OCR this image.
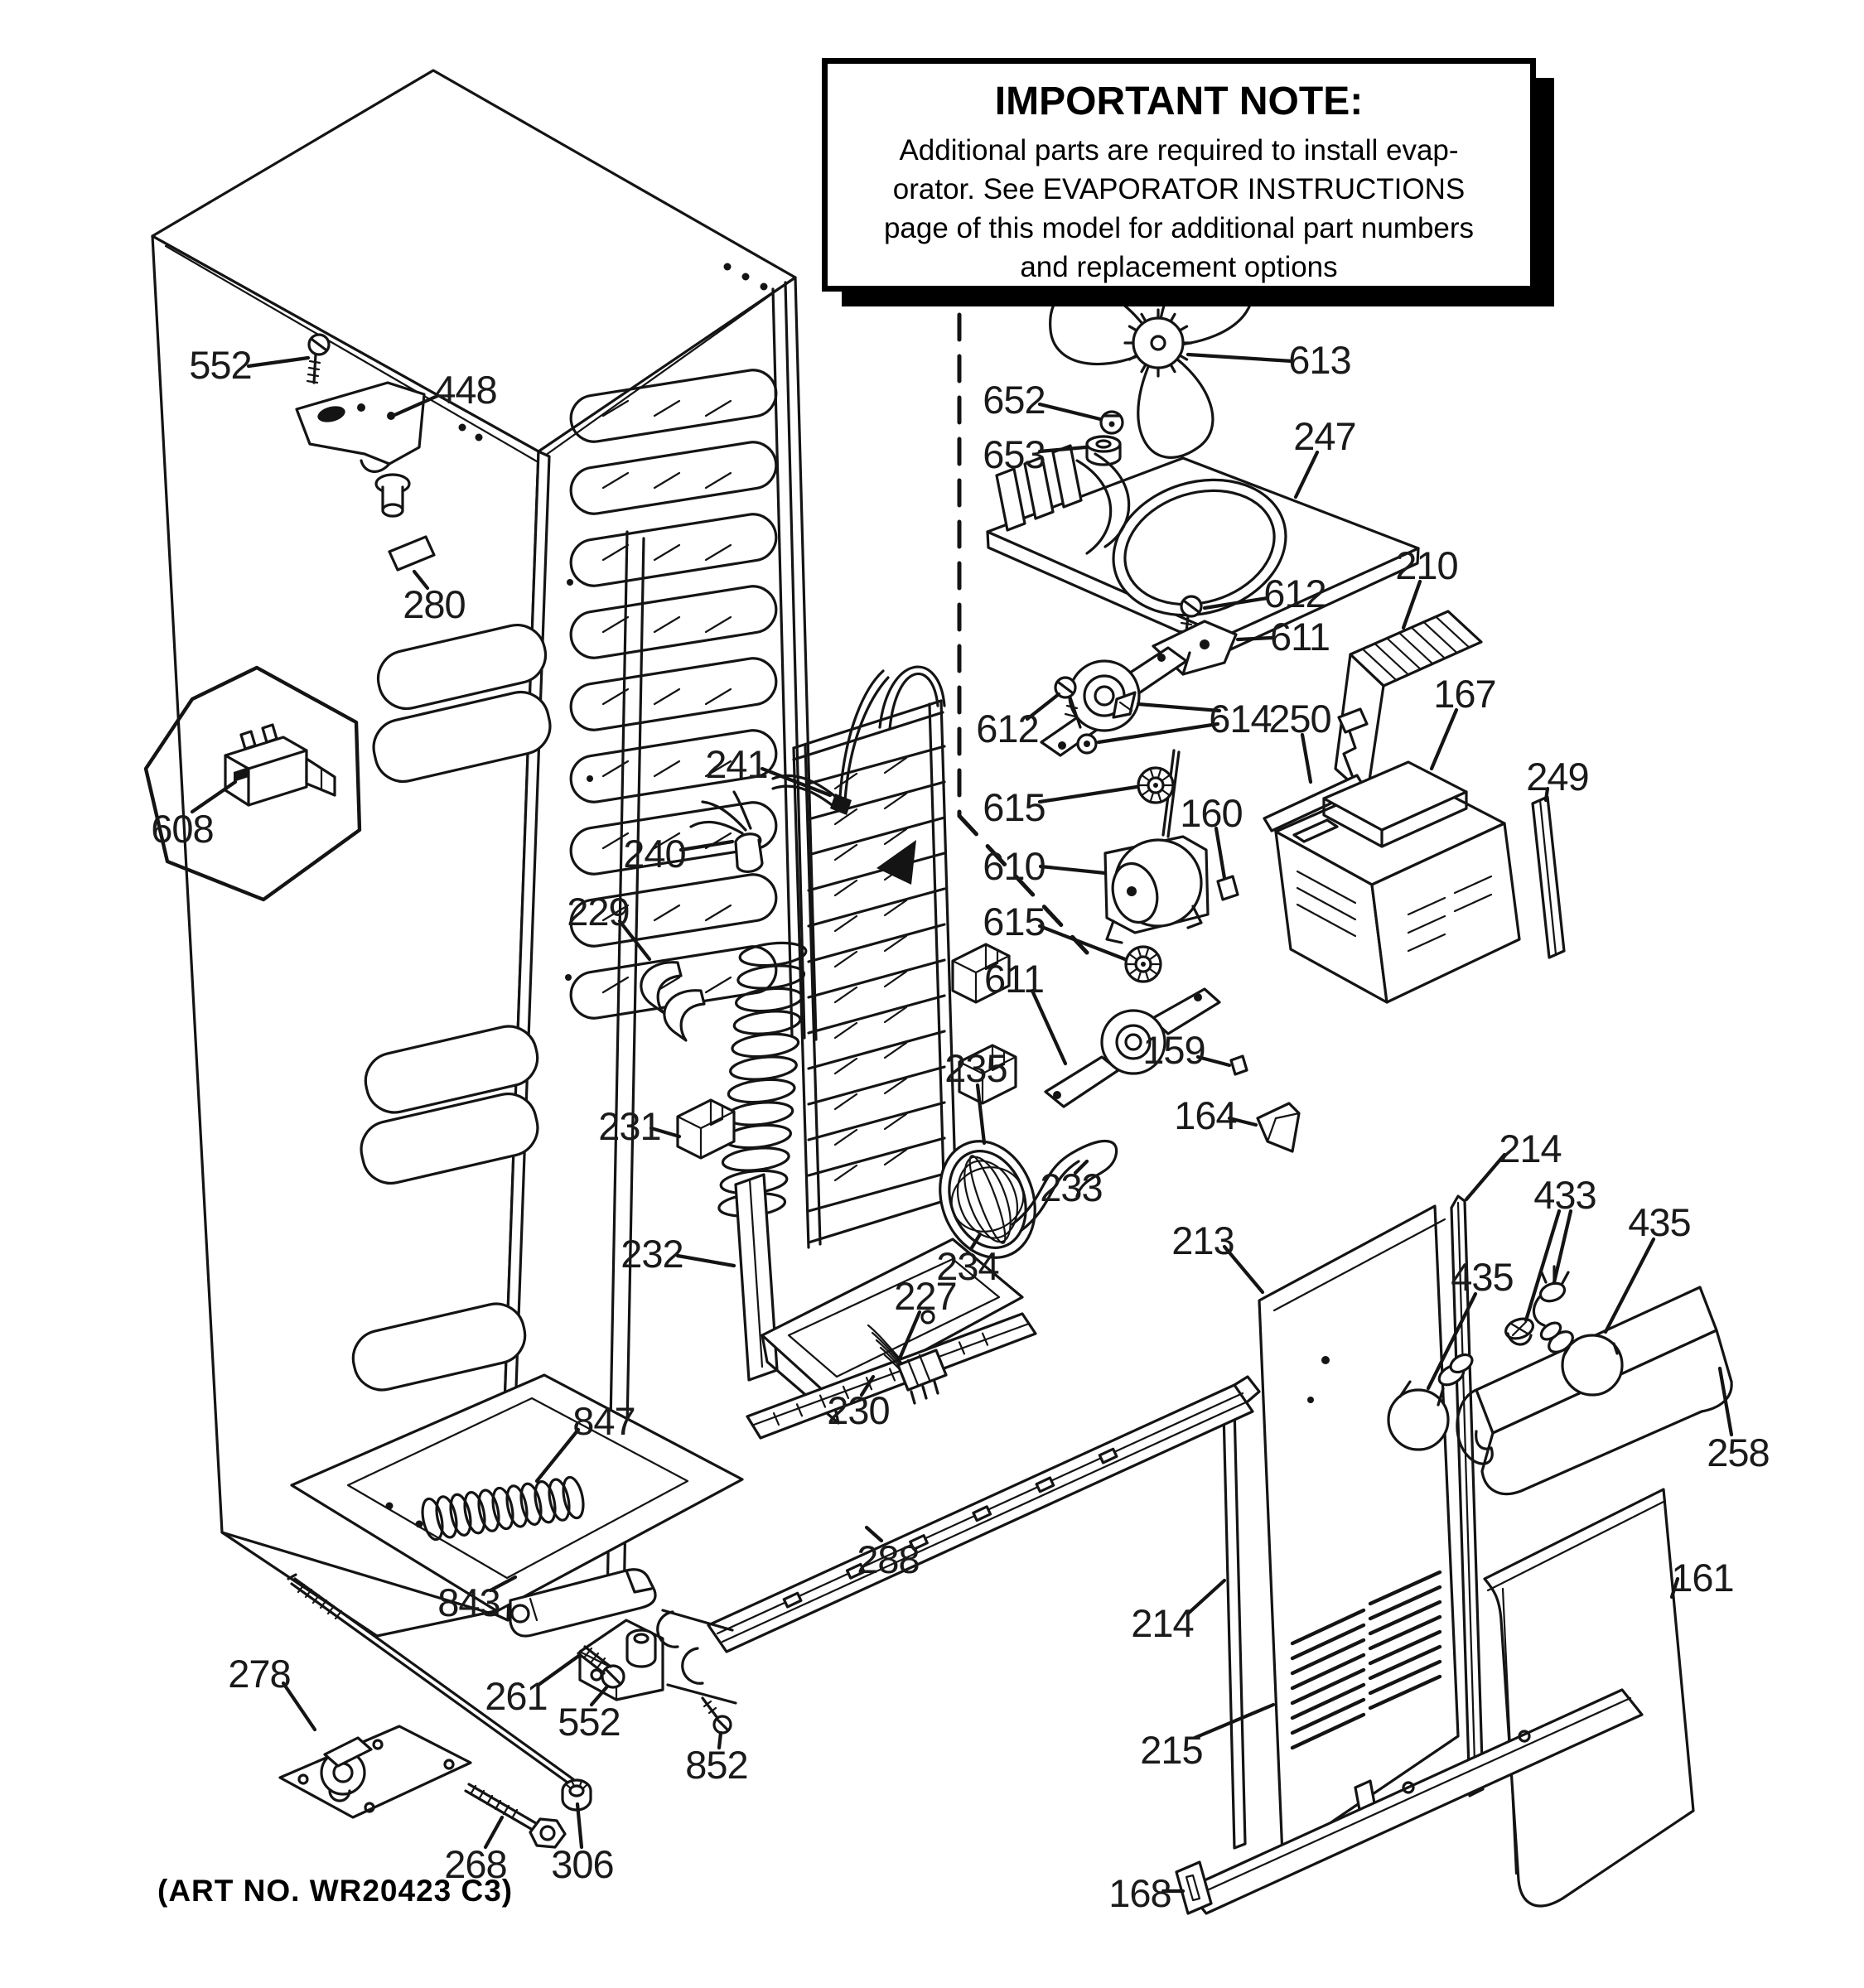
552
448
280
608
229
241
240
231
232
235
233
234
227
230
613
652
653	247
612
611
210
612	614
250
167
249
615	160
610
615
611
159
164
214
433
435
213
435
258
161
214
215
168
288
847
843
261
278
552
852
268 306
IMPORTANT NOTE:

Additional parts are required to install evap-

orator. See EVAPORATOR INSTRUCTIONS

page of this model for additional part numbers

and replacement options

(ART NO. WR20423 C3)
